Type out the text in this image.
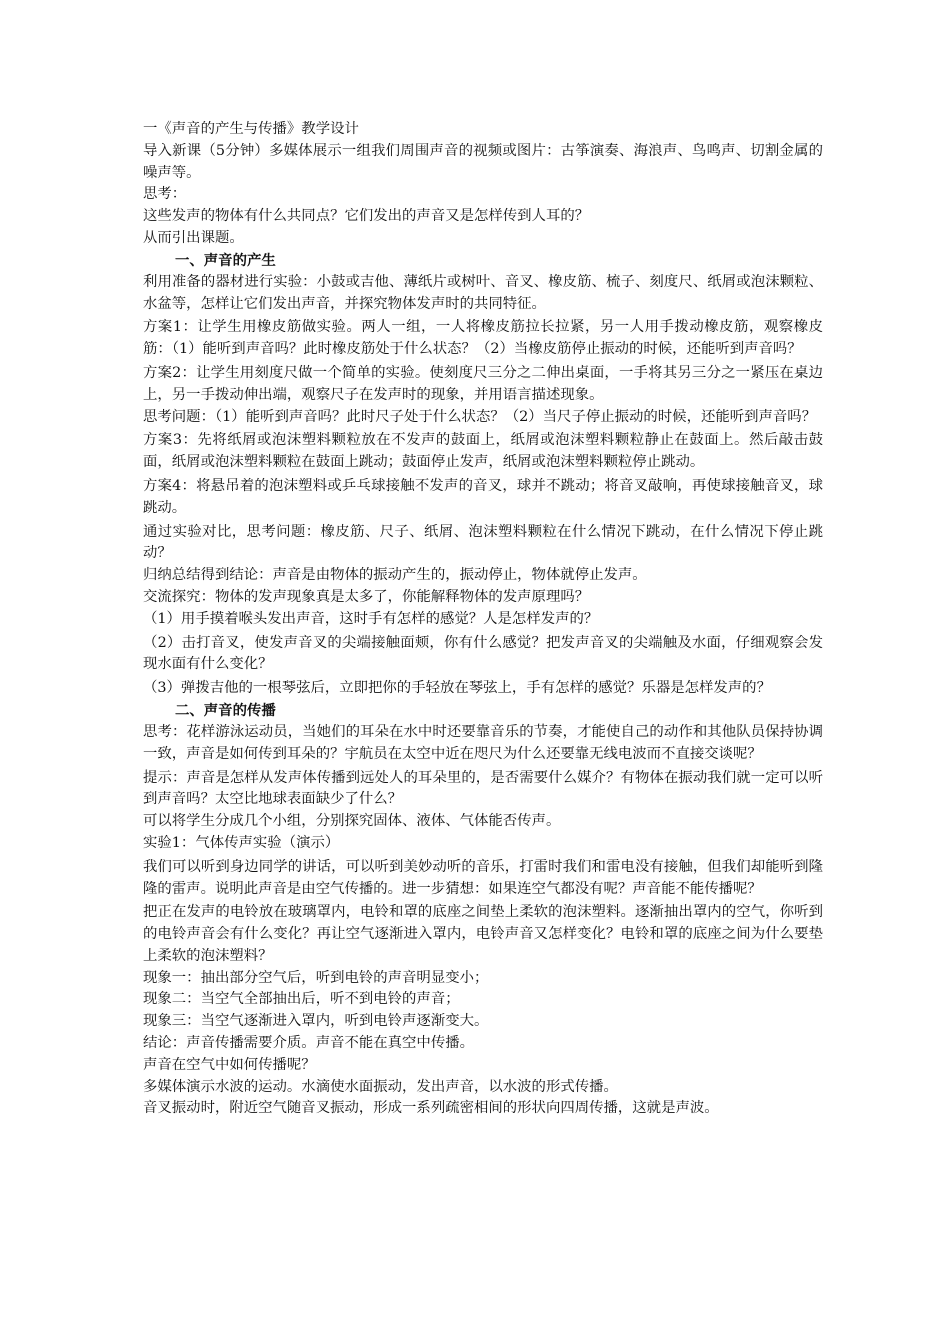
一《声音的产生与传播》教学设计

导入新课（5分钟）多媒体展示一组我们周围声音的视频或图片：古筝演奏、海浪声、鸟鸣声、切割金属的噪声等。

思考：

这些发声的物体有什么共同点？它们发出的声音又是怎样传到人耳的？

从而引出课题。

一、声音的产生

利用准备的器材进行实验：小鼓或吉他、薄纸片或树叶、音叉、橡皮筋、梳子、刻度尺、纸屑或泡沫颗粒、水盆等，怎样让它们发出声音，并探究物体发声时的共同特征。

方案1：让学生用橡皮筋做实验。两人一组，一人将橡皮筋拉长拉紧，另一人用手拨动橡皮筋，观察橡皮筋：（1）能听到声音吗？此时橡皮筋处于什么状态？（2）当橡皮筋停止振动的时候，还能听到声音吗？

方案2：让学生用刻度尺做一个简单的实验。使刻度尺三分之二伸出桌面，一手将其另三分之一紧压在桌边上，另一手拨动伸出端，观察尺子在发声时的现象，并用语言描述现象。

思考问题：（1）能听到声音吗？此时尺子处于什么状态？（2）当尺子停止振动的时候，还能听到声音吗？

方案3：先将纸屑或泡沫塑料颗粒放在不发声的鼓面上，纸屑或泡沫塑料颗粒静止在鼓面上。然后敲击鼓面，纸屑或泡沫塑料颗粒在鼓面上跳动；鼓面停止发声，纸屑或泡沫塑料颗粒停止跳动。

方案4：将悬吊着的泡沫塑料或乒乓球接触不发声的音叉，球并不跳动；将音叉敲响，再使球接触音叉，球跳动。

通过实验对比，思考问题：橡皮筋、尺子、纸屑、泡沫塑料颗粒在什么情况下跳动，在什么情况下停止跳动？

归纳总结得到结论：声音是由物体的振动产生的，振动停止，物体就停止发声。

交流探究：物体的发声现象真是太多了，你能解释物体的发声原理吗？

（1）用手摸着喉头发出声音，这时手有怎样的感觉？人是怎样发声的？

（2）击打音叉，使发声音叉的尖端接触面颊，你有什么感觉？把发声音叉的尖端触及水面，仔细观察会发现水面有什么变化？

（3）弹拨吉他的一根琴弦后，立即把你的手轻放在琴弦上，手有怎样的感觉？乐器是怎样发声的？

二、声音的传播

思考：花样游泳运动员，当她们的耳朵在水中时还要靠音乐的节奏，才能使自己的动作和其他队员保持协调一致，声音是如何传到耳朵的？宇航员在太空中近在咫尺为什么还要靠无线电波而不直接交谈呢？

提示：声音是怎样从发声体传播到远处人的耳朵里的，是否需要什么媒介？有物体在振动我们就一定可以听到声音吗？太空比地球表面缺少了什么？

可以将学生分成几个小组，分别探究固体、液体、气体能否传声。

实验1：气体传声实验（演示）

我们可以听到身边同学的讲话，可以听到美妙动听的音乐，打雷时我们和雷电没有接触，但我们却能听到隆隆的雷声。说明此声音是由空气传播的。进一步猜想：如果连空气都没有呢？声音能不能传播呢？

把正在发声的电铃放在玻璃罩内，电铃和罩的底座之间垫上柔软的泡沫塑料。逐渐抽出罩内的空气，你听到的电铃声音会有什么变化？再让空气逐渐进入罩内，电铃声音又怎样变化？电铃和罩的底座之间为什么要垫上柔软的泡沫塑料？

现象一：抽出部分空气后，听到电铃的声音明显变小；

现象二：当空气全部抽出后，听不到电铃的声音；

现象三：当空气逐渐进入罩内，听到电铃声逐渐变大。

结论：声音传播需要介质。声音不能在真空中传播。

声音在空气中如何传播呢？

多媒体演示水波的运动。水滴使水面振动，发出声音，以水波的形式传播。

音叉振动时，附近空气随音叉振动，形成一系列疏密相间的形状向四周传播，这就是声波。
